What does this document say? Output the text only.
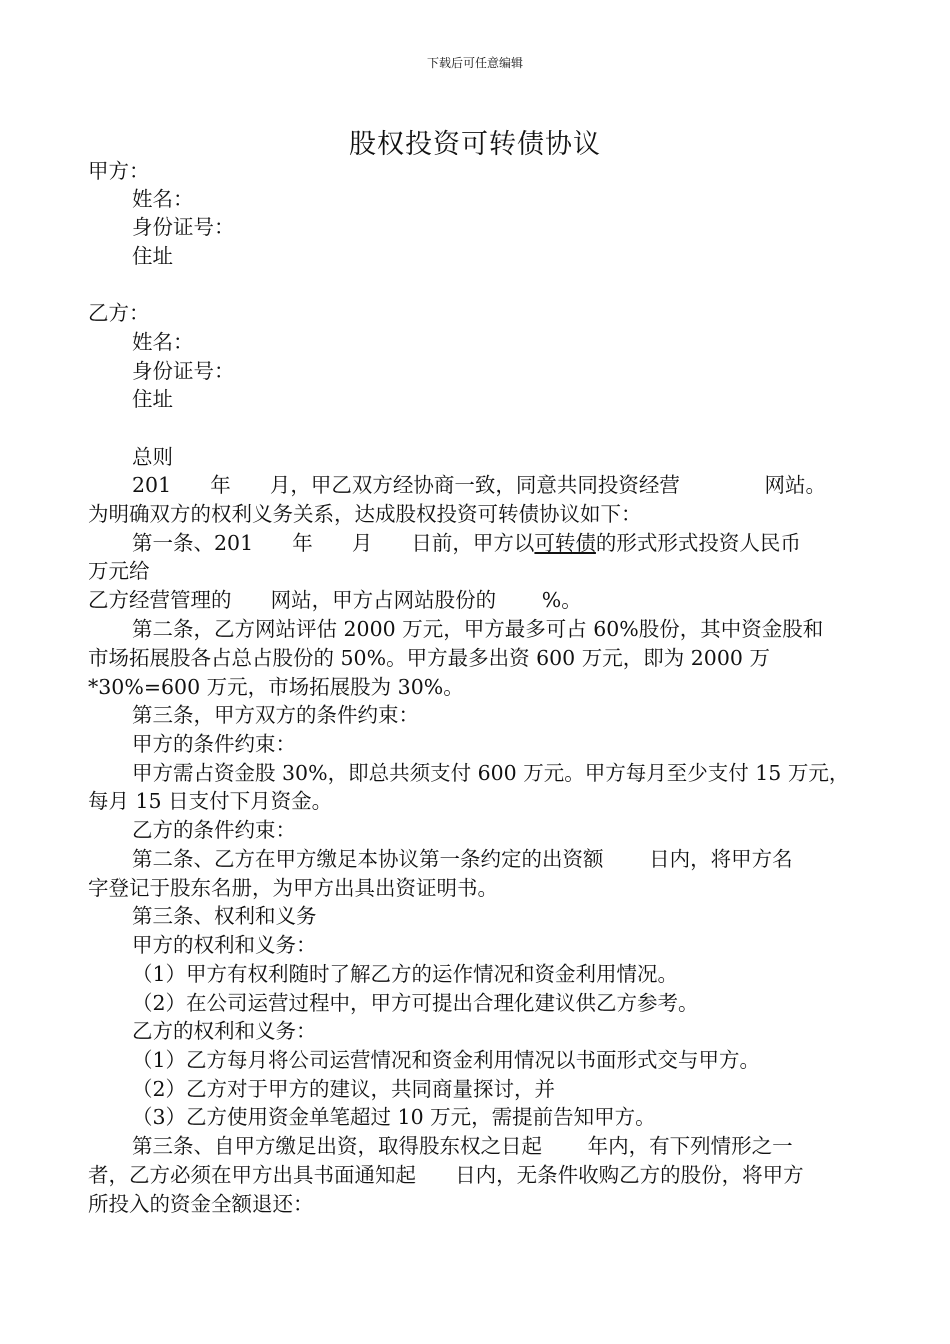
下载后可任意编辑
股权投资可转债协议
甲方：
姓名：
身份证号：
住址
乙方：
姓名：
身份证号：
住址
总则
201      年      月，甲乙双方经协商一致，同意共同投资经营             网站。
为明确双方的权利义务关系，达成股权投资可转债协议如下：
第一条、201      年      月      日前，甲方以可转债的形式形式投资人民币
万元给
乙方经营管理的      网站，甲方占网站股份的       %。
第二条，乙方网站评估 2000 万元，甲方最多可占 60%股份，其中资金股和
市场拓展股各占总占股份的 50%。甲方最多出资 600 万元，即为 2000 万
*30%=600 万元，市场拓展股为 30%。
第三条，甲方双方的条件约束：
甲方的条件约束：
甲方需占资金股 30%，即总共须支付 600 万元。甲方每月至少支付 15 万元，
每月 15 日支付下月资金。
乙方的条件约束：
第二条、乙方在甲方缴足本协议第一条约定的出资额       日内，将甲方名
字登记于股东名册，为甲方出具出资证明书。
第三条、权利和义务
甲方的权利和义务：
（1）甲方有权利随时了解乙方的运作情况和资金利用情况。
（2）在公司运营过程中，甲方可提出合理化建议供乙方参考。
乙方的权利和义务：
（1）乙方每月将公司运营情况和资金利用情况以书面形式交与甲方。
（2）乙方对于甲方的建议，共同商量探讨，并
（3）乙方使用资金单笔超过 10 万元，需提前告知甲方。
第三条、自甲方缴足出资，取得股东权之日起       年内，有下列情形之一
者，乙方必须在甲方出具书面通知起      日内，无条件收购乙方的股份，将甲方
所投入的资金全额退还：
